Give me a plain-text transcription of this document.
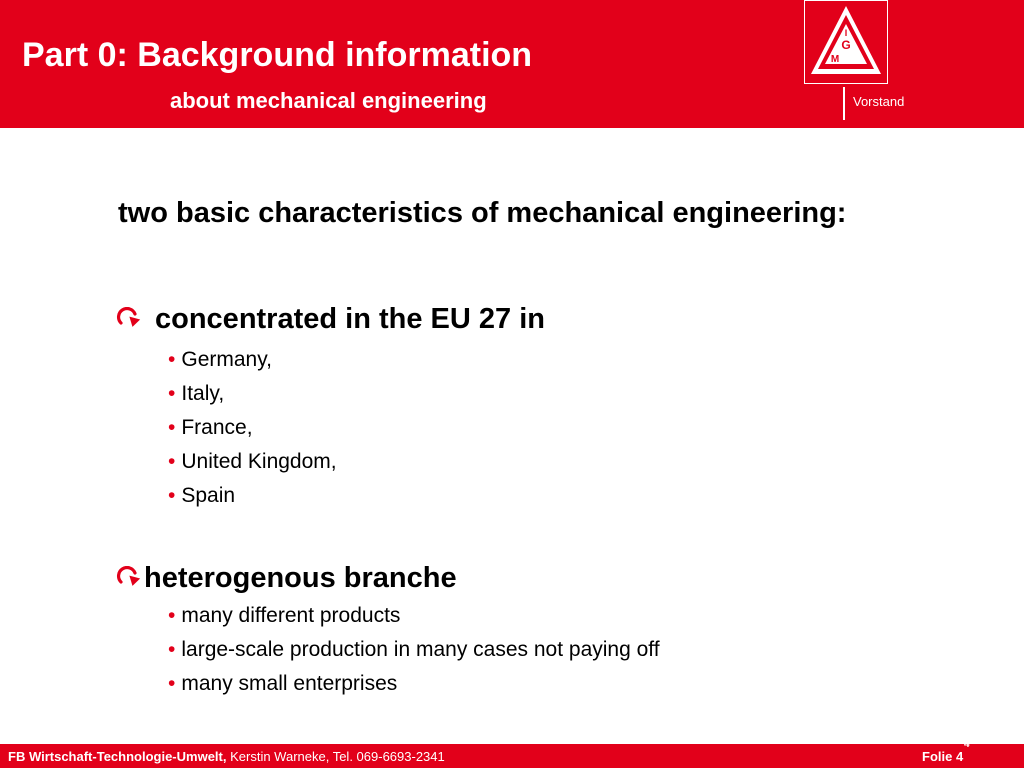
Part 0: Background information
about mechanical engineering
G
M
I
Vorstand
two basic characteristics of mechanical engineering:
concentrated in the EU 27 in
• Germany,
• Italy,
• France,
• United Kingdom,
• Spain
heterogenous branche
• many different products
• large-scale production in many cases not paying off
• many small enterprises
FB Wirtschaft-Technologie-Umwelt, Kerstin Warneke, Tel. 069-6693-2341	Folie 4
4
